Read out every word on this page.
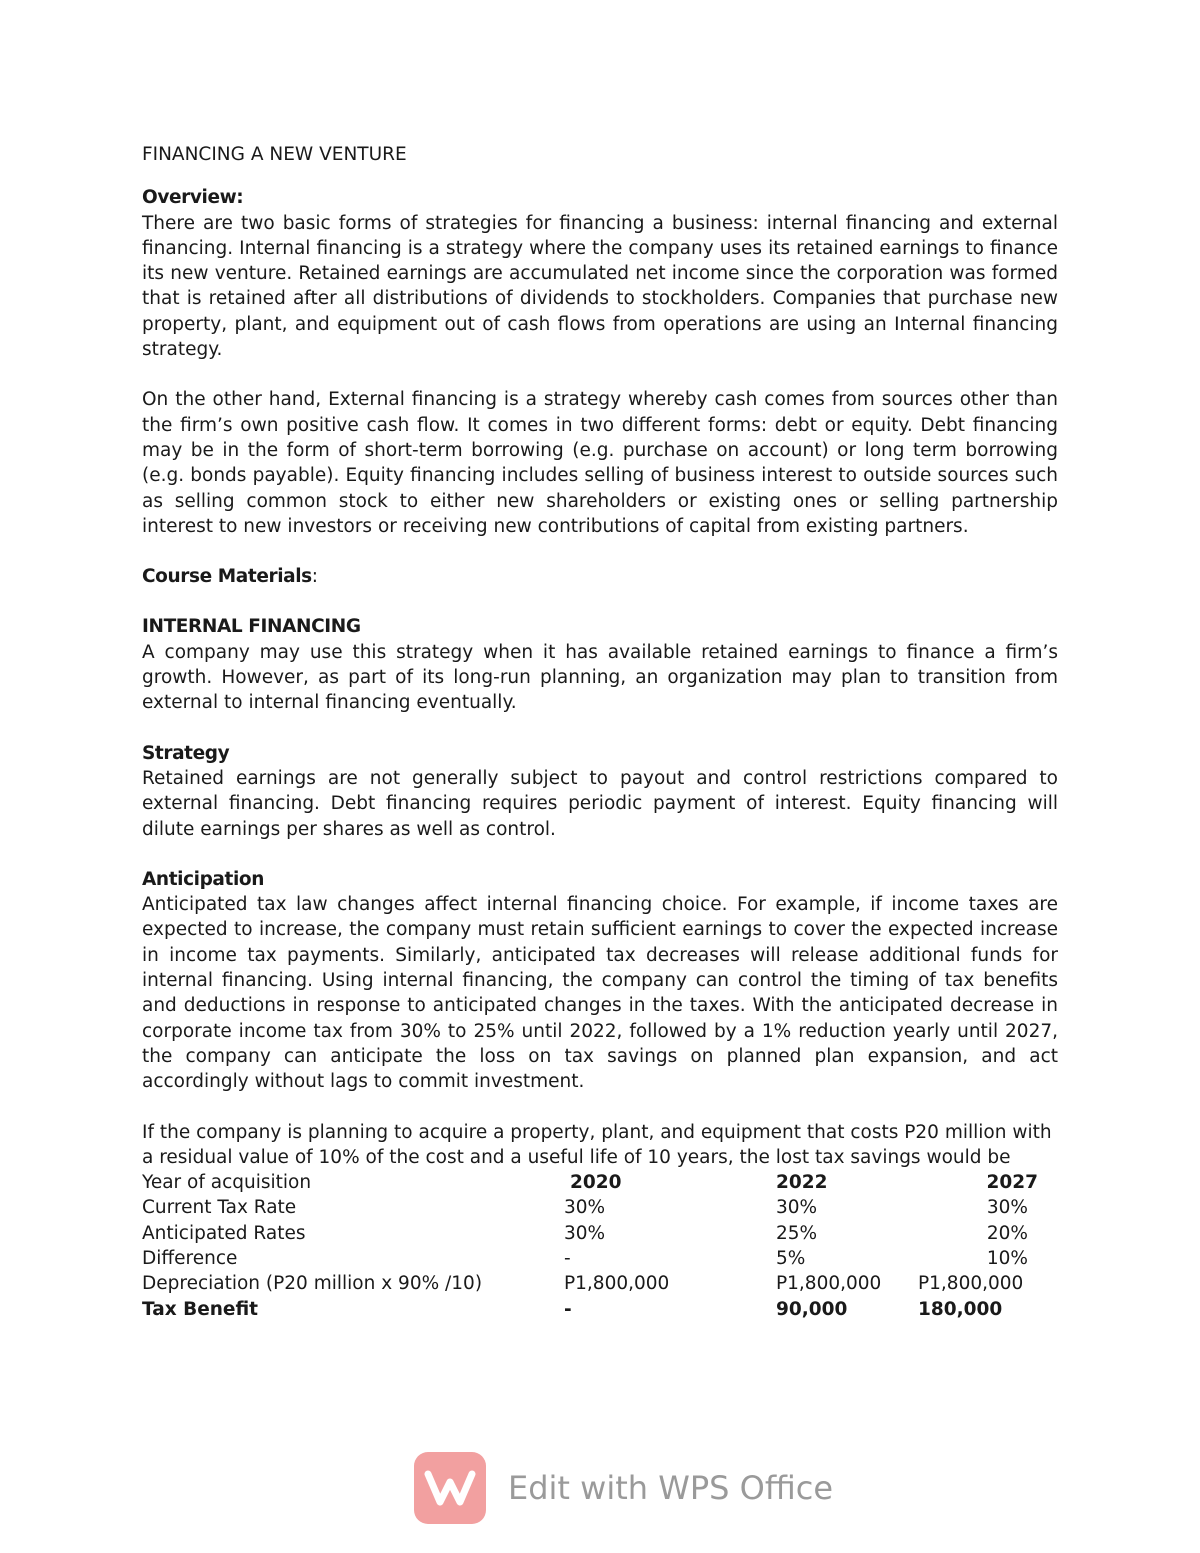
FINANCING A NEW VENTURE
Overview:

There are two basic forms of strategies for financing a business: internal financing and external financing. Internal financing is a strategy where the company uses its retained earnings to finance its new venture. Retained earnings are accumulated net income since the corporation was formed that is retained after all distributions of dividends to stockholders. Companies that purchase new property, plant, and equipment out of cash flows from operations are using an Internal financing strategy.

On the other hand, External financing is a strategy whereby cash comes from sources other than the firm’s own positive cash flow. It comes in two different forms: debt or equity. Debt financing may be in the form of short-term borrowing (e.g. purchase on account) or long term borrowing (e.g. bonds payable). Equity financing includes selling of business interest to outside sources such as selling common stock to either new shareholders or existing ones or selling partnership interest to new investors or receiving new contributions of capital from existing partners.

Course Materials:
INTERNAL FINANCING

A company may use this strategy when it has available retained earnings to finance a firm’s growth. However, as part of its long-run planning, an organization may plan to transition from external to internal financing eventually.

Strategy

Retained earnings are not generally subject to payout and control restrictions compared to external financing. Debt financing requires periodic payment of interest. Equity financing will dilute earnings per shares as well as control.

Anticipation

Anticipated tax law changes affect internal financing choice. For example, if income taxes are expected to increase, the company must retain sufficient earnings to cover the expected increase in income tax payments. Similarly, anticipated tax decreases will release additional funds for internal financing. Using internal financing, the company can control the timing of tax benefits and deductions in response to anticipated changes in the taxes. With the anticipated decrease in corporate income tax from 30% to 25% until 2022, followed by a 1% reduction yearly until 2027, the company can anticipate the loss on tax savings on planned plan expansion, and act accordingly without lags to commit investment.

If the company is planning to acquire a property, plant, and equipment that costs P20 million with a residual value of 10% of the cost and a useful life of 10 years, the lost tax savings would be

Year of acquisition	2020	2022	2027
Current Tax Rate	30%	30%	30%
Anticipated Rates	30%	25%	20%
Difference	-	5%	10%
Depreciation (P20 million x 90% /10)	P1,800,000	P1,800,000	P1,800,000
Tax Benefit	-	90,000	180,000
Edit with WPS Office
